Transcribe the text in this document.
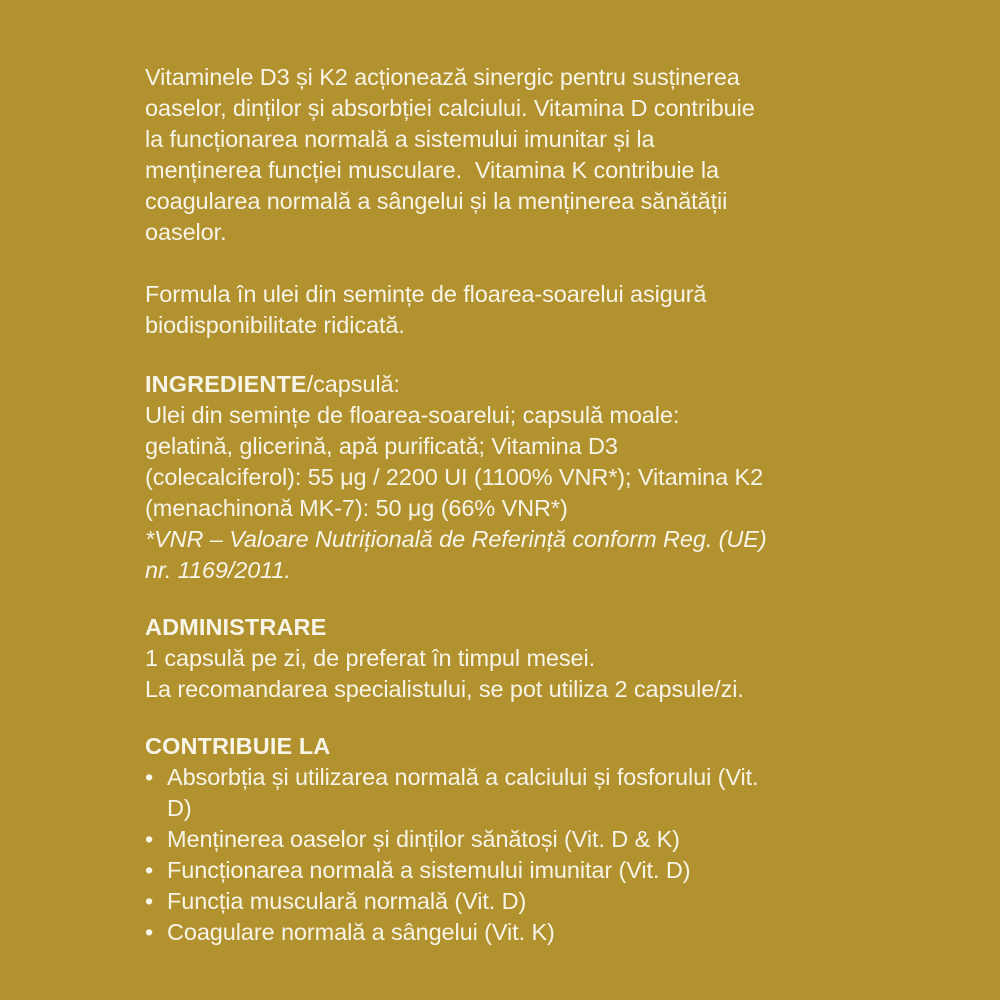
Vitaminele D3 și K2 acționează sinergic pentru susținerea oaselor, dinților și absorbției calciului. Vitamina D contribuie la funcționarea normală a sistemului imunitar și la menținerea funcției musculare.  Vitamina K contribuie la coagularea normală a sângelui și la menținerea sănătății oaselor.

Formula în ulei din semințe de floarea-soarelui asigură biodisponibilitate ridicată.

INGREDIENTE/capsulă:
Ulei din semințe de floarea-soarelui; capsulă moale: gelatină, glicerină, apă purificată; Vitamina D3 (colecalciferol): 55 μg / 2200 UI (1100% VNR*); Vitamina K2 (menachinonă MK-7): 50 μg (66% VNR*)
*VNR – Valoare Nutrițională de Referință conform Reg. (UE) nr. 1169/2011.
ADMINISTRARE
1 capsulă pe zi, de preferat în timpul mesei.
La recomandarea specialistului, se pot utiliza 2 capsule/zi.
CONTRIBUIE LA
• Absorbția și utilizarea normală a calciului și fosforului (Vit. D)
• Menținerea oaselor și dinților sănătoși (Vit. D & K)
• Funcționarea normală a sistemului imunitar (Vit. D)
• Funcția musculară normală (Vit. D)
• Coagulare normală a sângelui (Vit. K)
